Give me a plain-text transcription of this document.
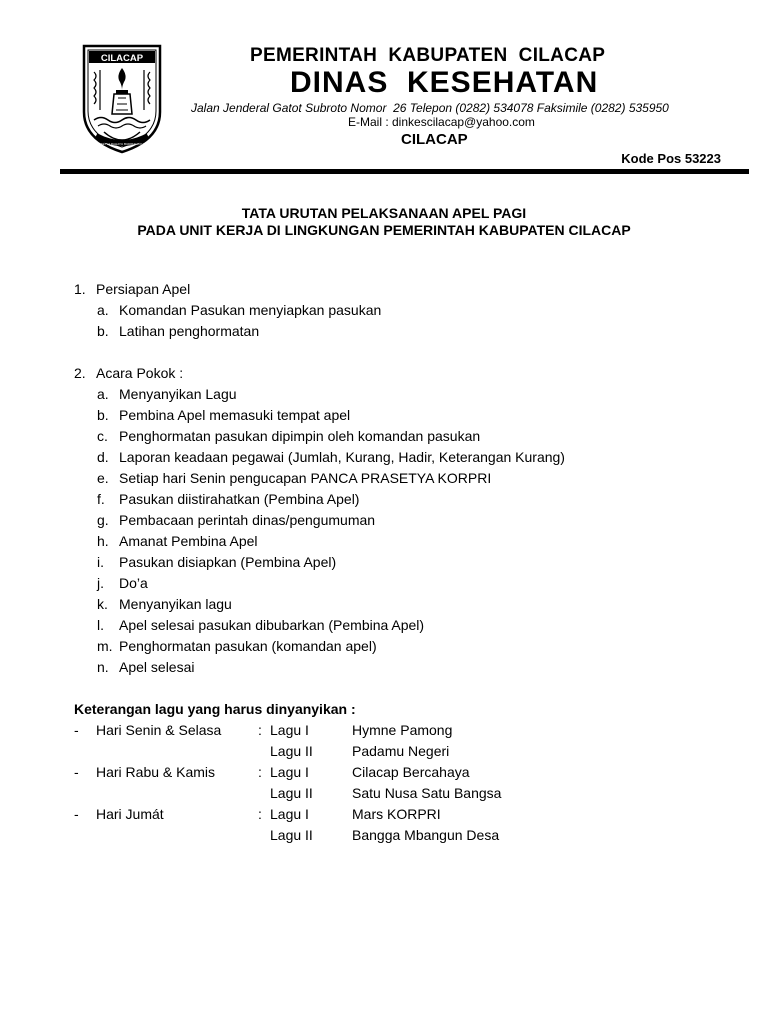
CILACAP
SETYA RAHAYU BUDIRAHAYU
PEMERINTAH  KABUPATEN  CILACAP
DINAS  KESEHATAN
Jalan Jenderal Gatot Subroto Nomor  26 Telepon (0282) 534078 Faksimile (0282) 535950
E-Mail : dinkescilacap@yahoo.com
CILACAP
Kode Pos 53223
TATA URUTAN PELAKSANAAN APEL PAGI
PADA UNIT KERJA DI LINGKUNGAN PEMERINTAH KABUPATEN CILACAP
1. Persiapan Apel
a. Komandan Pasukan menyiapkan pasukan
b. Latihan penghormatan
2. Acara Pokok :
a. Menyanyikan Lagu
b. Pembina Apel memasuki tempat apel
c. Penghormatan pasukan dipimpin oleh komandan pasukan
d. Laporan keadaan pegawai (Jumlah, Kurang, Hadir, Keterangan Kurang)
e. Setiap hari Senin pengucapan PANCA PRASETYA KORPRI
f. Pasukan diistirahatkan (Pembina Apel)
g. Pembacaan perintah dinas/pengumuman
h. Amanat Pembina Apel
i. Pasukan disiapkan (Pembina Apel)
j. Do’a
k. Menyanyikan lagu
l. Apel selesai pasukan dibubarkan (Pembina Apel)
m. Penghormatan pasukan (komandan apel)
n. Apel selesai
Keterangan lagu yang harus dinyanyikan :
- Hari Senin & Selasa	: Lagu I	Hymne Pamong
Lagu II	Padamu Negeri
- Hari Rabu & Kamis	: Lagu I	Cilacap Bercahaya
Lagu II	Satu Nusa Satu Bangsa
- Hari Jumát	: Lagu I	Mars KORPRI
Lagu II	Bangga Mbangun Desa
